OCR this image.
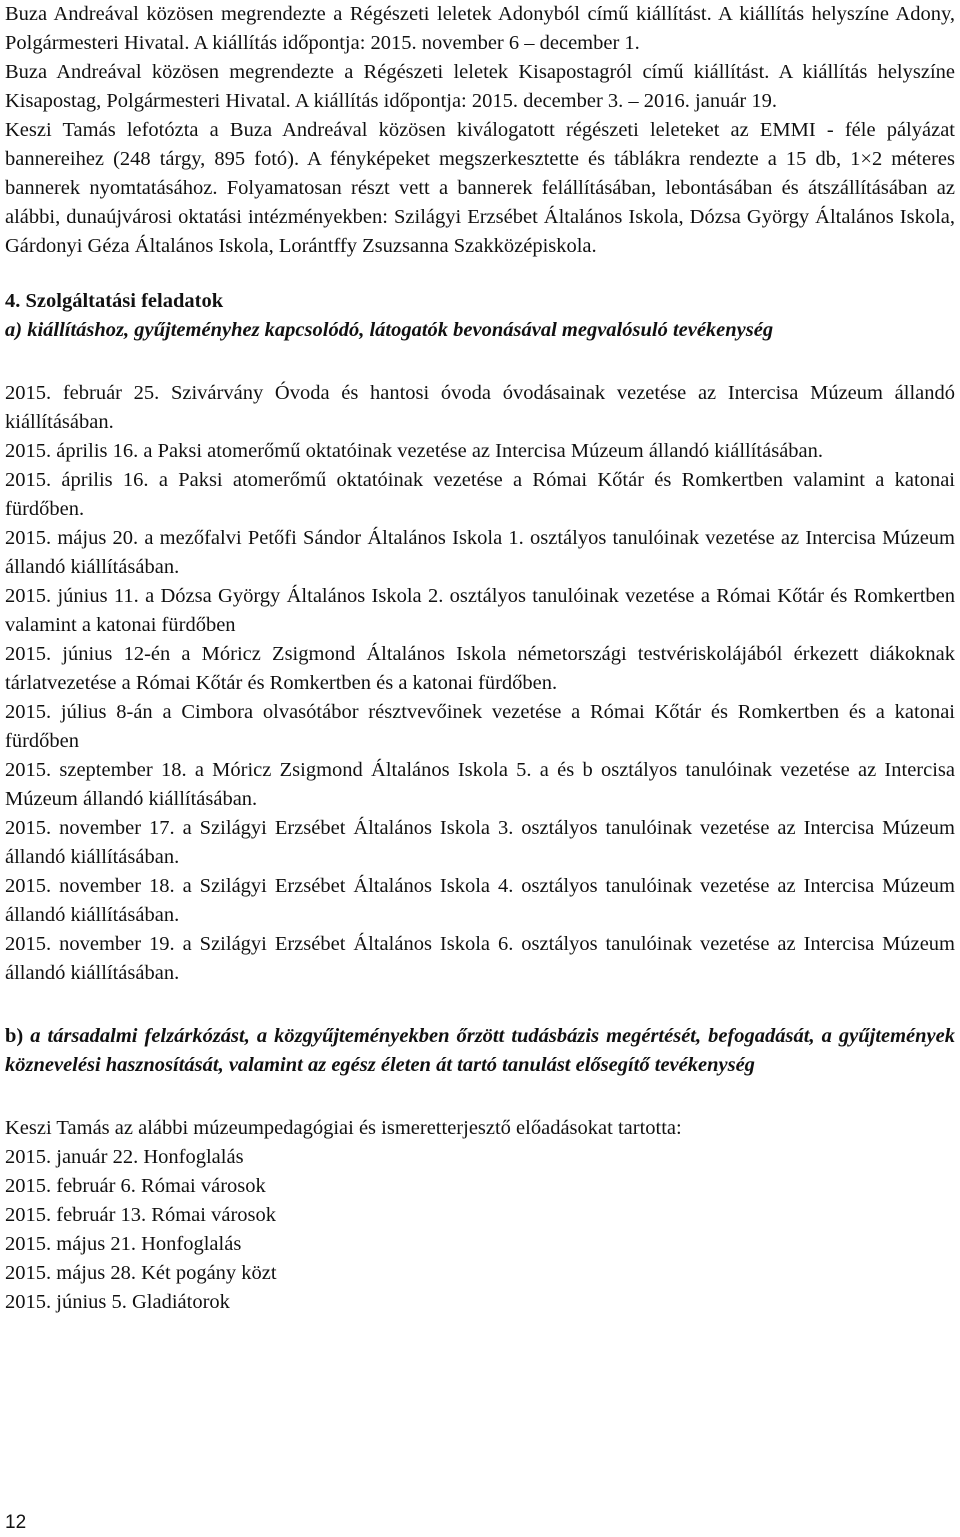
Buza Andreával közösen megrendezte a Régészeti leletek Adonyból című kiállítást. A kiállítás helyszíne Adony, Polgármesteri Hivatal. A kiállítás időpontja: 2015. november 6 – december 1.

Buza Andreával közösen megrendezte a Régészeti leletek Kisapostagról című kiállítást. A kiállítás helyszíne Kisapostag, Polgármesteri Hivatal. A kiállítás időpontja: 2015. december 3. – 2016. január 19.

Keszi Tamás lefotózta a Buza Andreával közösen kiválogatott régészeti leleteket az EMMI - féle pályázat bannereihez (248 tárgy, 895 fotó). A fényképeket megszerkesztette és táblákra rendezte a 15 db, 1×2 méteres bannerek nyomtatásához. Folyamatosan részt vett a bannerek felállításában, lebontásában és átszállításában az alábbi, dunaújvárosi oktatási intézményekben: Szilágyi Erzsébet Általános Iskola, Dózsa György Általános Iskola, Gárdonyi Géza Általános Iskola, Lorántffy Zsuzsanna Szakközépiskola.

4. Szolgáltatási feladatok

a) kiállításhoz, gyűjteményhez kapcsolódó, látogatók bevonásával megvalósuló tevékenység

2015. február 25. Szivárvány Óvoda és hantosi óvoda óvodásainak vezetése az Intercisa Múzeum állandó kiállításában.

2015. április 16. a Paksi atomerőmű oktatóinak vezetése az Intercisa Múzeum állandó kiállításában.

2015. április 16. a Paksi atomerőmű oktatóinak vezetése a Római Kőtár és Romkertben valamint a katonai fürdőben.

2015. május 20. a mezőfalvi Petőfi Sándor Általános Iskola 1. osztályos tanulóinak vezetése az Intercisa Múzeum állandó kiállításában.

2015. június 11. a Dózsa György Általános Iskola 2. osztályos tanulóinak vezetése a Római Kőtár és Romkertben valamint a katonai fürdőben

2015. június 12-én a Móricz Zsigmond Általános Iskola németországi testvériskolájából érkezett diákoknak tárlatvezetése a Római Kőtár és Romkertben és a katonai fürdőben.

2015. július 8-án a Cimbora olvasótábor résztvevőinek vezetése a Római Kőtár és Romkertben és a katonai fürdőben

2015. szeptember 18. a Móricz Zsigmond Általános Iskola 5. a és b osztályos tanulóinak vezetése az Intercisa Múzeum állandó kiállításában.

2015. november 17. a Szilágyi Erzsébet Általános Iskola 3. osztályos tanulóinak vezetése az Intercisa Múzeum állandó kiállításában.

2015. november 18. a Szilágyi Erzsébet Általános Iskola 4. osztályos tanulóinak vezetése az Intercisa Múzeum állandó kiállításában.

2015. november 19. a Szilágyi Erzsébet Általános Iskola 6. osztályos tanulóinak vezetése az Intercisa Múzeum állandó kiállításában.

b) a társadalmi felzárkózást, a közgyűjteményekben őrzött tudásbázis megértését, befogadását, a gyűjtemények köznevelési hasznosítását, valamint az egész életen át tartó tanulást elősegítő tevékenység

Keszi Tamás az alábbi múzeumpedagógiai és ismeretterjesztő előadásokat tartotta:

2015. január 22. Honfoglalás

2015. február 6. Római városok

2015. február 13. Római városok

2015. május 21. Honfoglalás

2015. május 28. Két pogány közt

2015. június 5. Gladiátorok

12
